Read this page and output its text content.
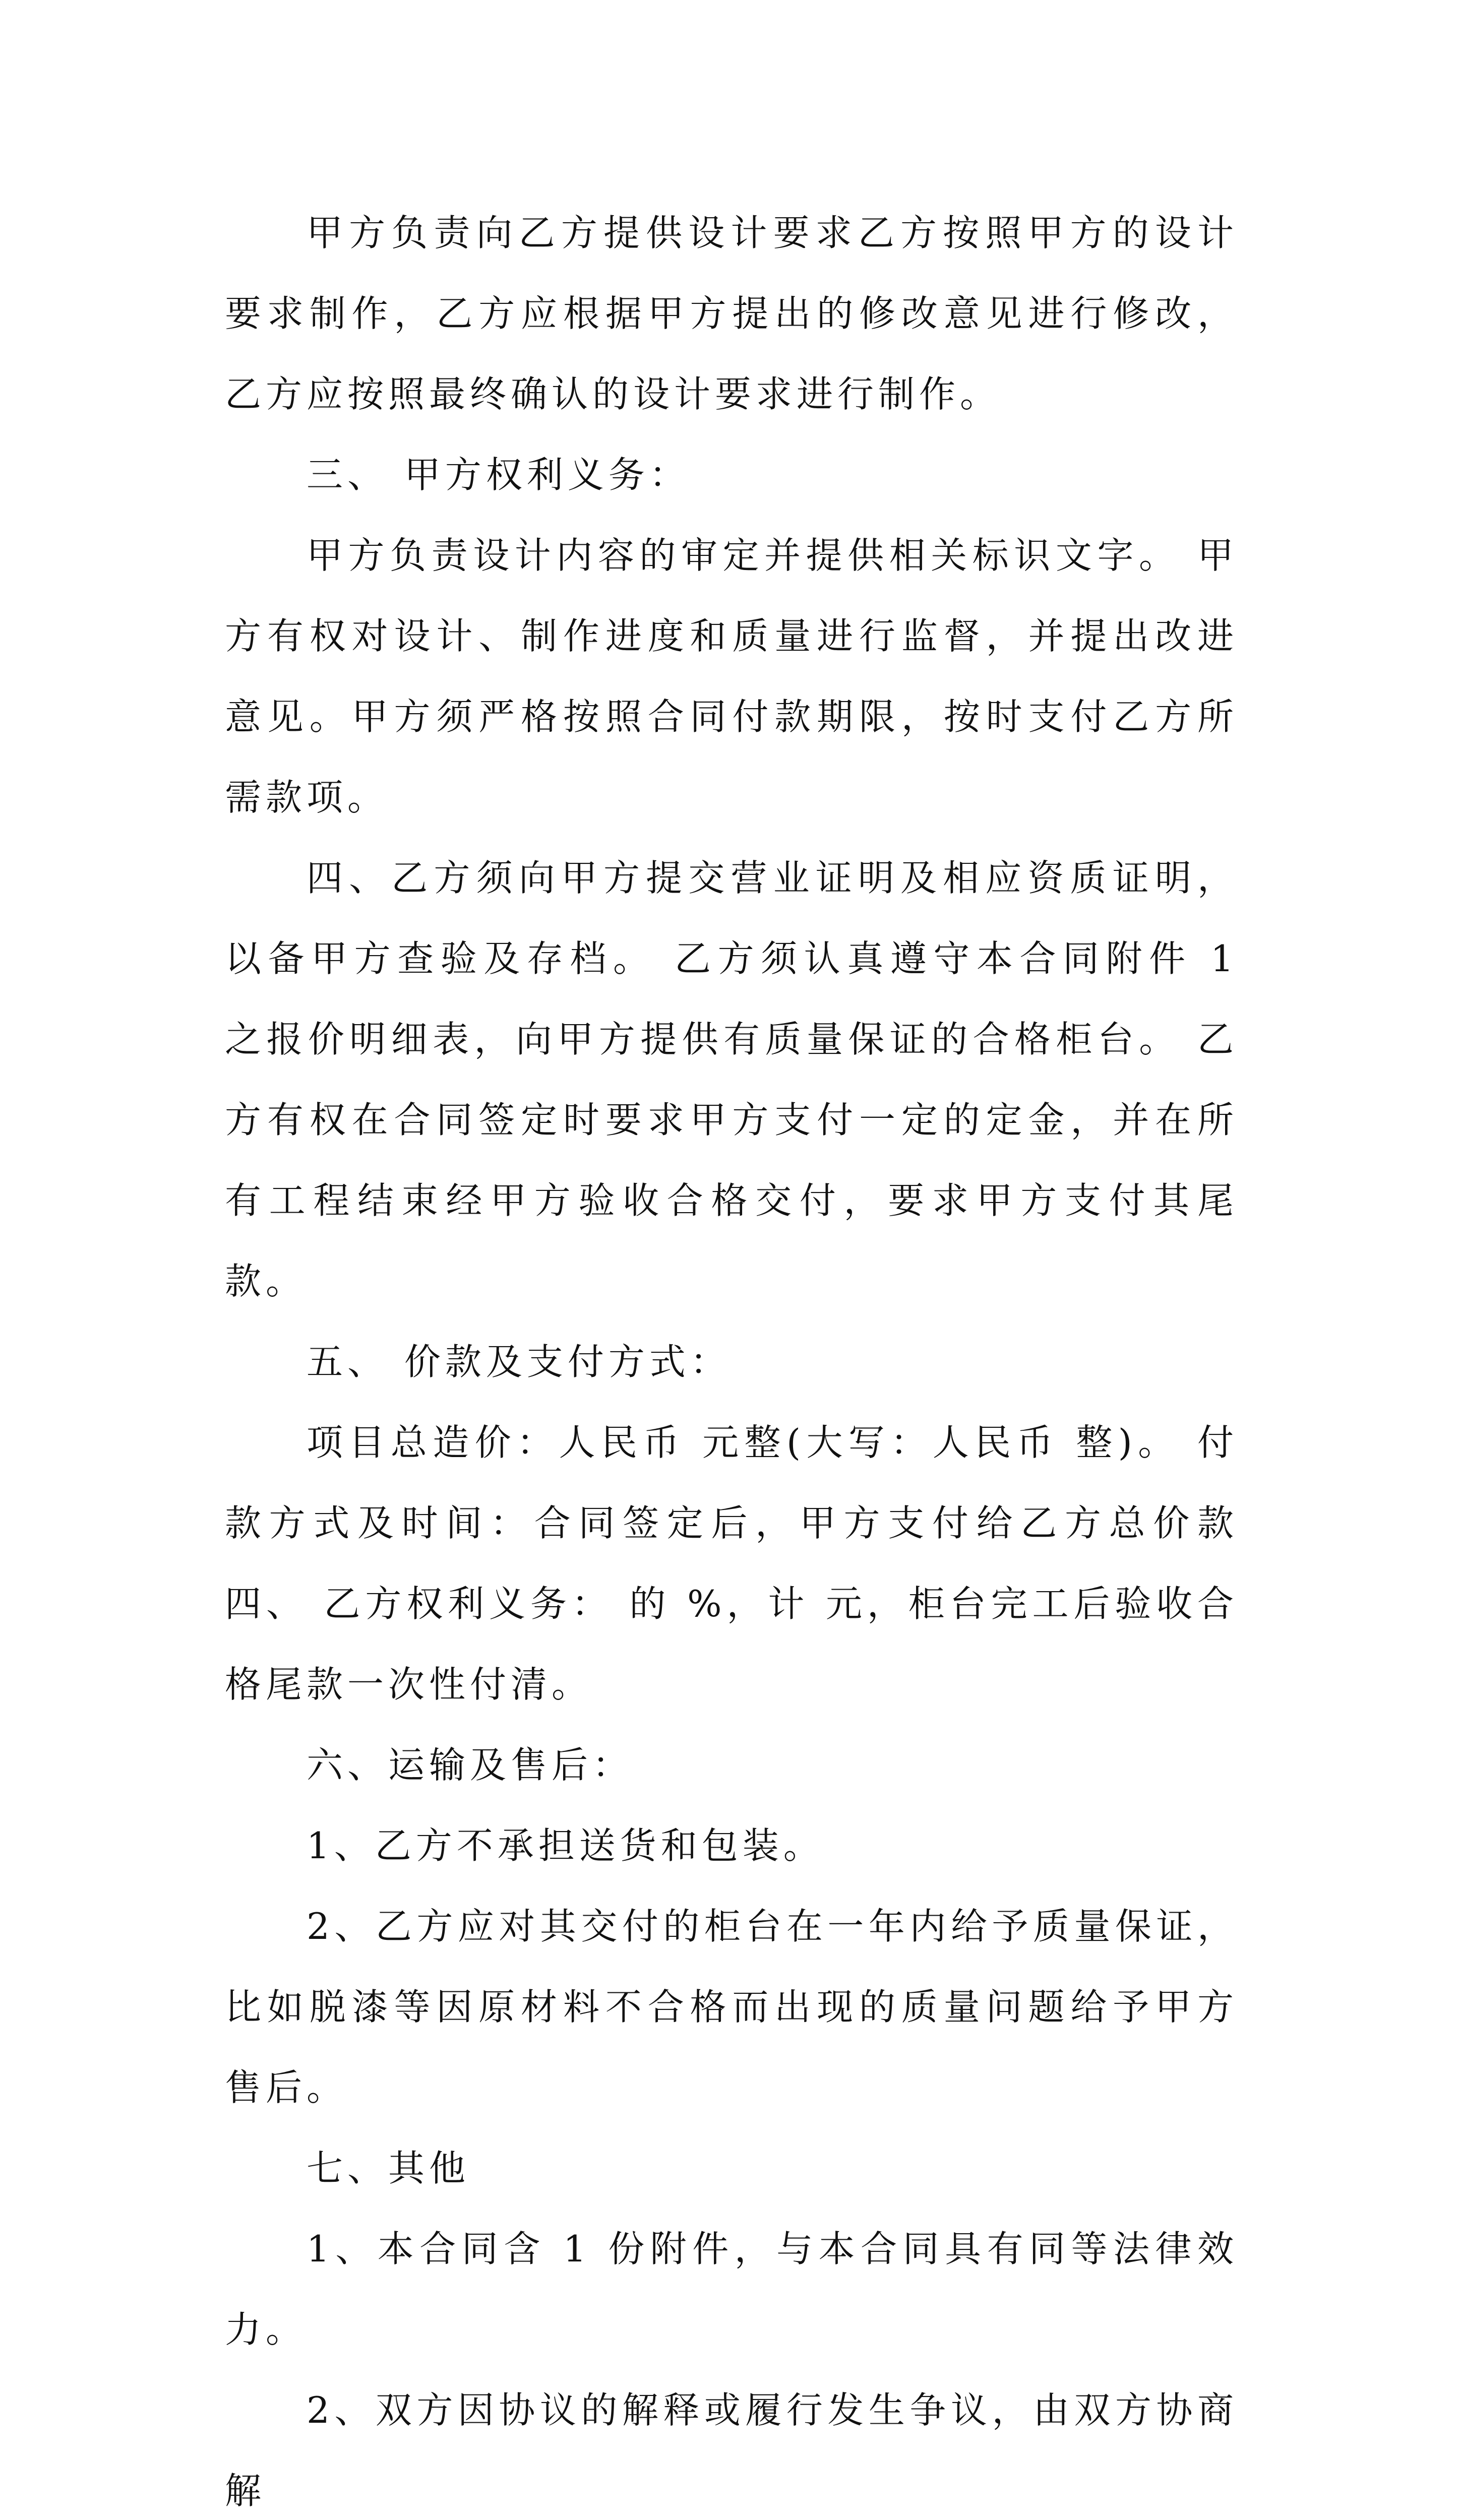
甲方负责向乙方提供设计要求乙方按照甲方的设计要求制作，乙方应根据甲方提出的修改意见进行修改，乙方应按照最终确认的设计要求进行制作。

三、 甲方权利义务：

甲方负责设计内容的审定并提供相关标识文字。 甲方有权对设计、制作进度和质量进行监督，并提出改进意见。甲方须严格按照合同付款期限，按时支付乙方所需款项。

四、乙方须向甲方提交营业证明及相应资质证明，以备甲方查验及存档。 乙方须认真遵守本合同附件 1 之报价明细表，向甲方提供有质量保证的合格柜台。 乙方有权在合同签定时要求甲方支付一定的定金，并在所有工程结束经甲方验收合格交付，要求甲方支付其尾款。

五、 价款及支付方式：

项目总造价：人民币 元整(大写：人民币 整)。 付款方式及时间：合同签定后，甲方支付给乙方总价款 四、 乙方权利义务： 的 %，计 元，柜台完工后验收合格尾款一次性付清。

六、运输及售后：

1、乙方不承担送货和包装。

2、乙方应对其交付的柜台在一年内给予质量保证，比如脱漆等因原材料不合格而出现的质量问题给予甲方售后。

七、其他

1、本合同含 1 份附件，与本合同具有同等法律效力。

2、双方因协议的解释或履行发生争议，由双方协商解
